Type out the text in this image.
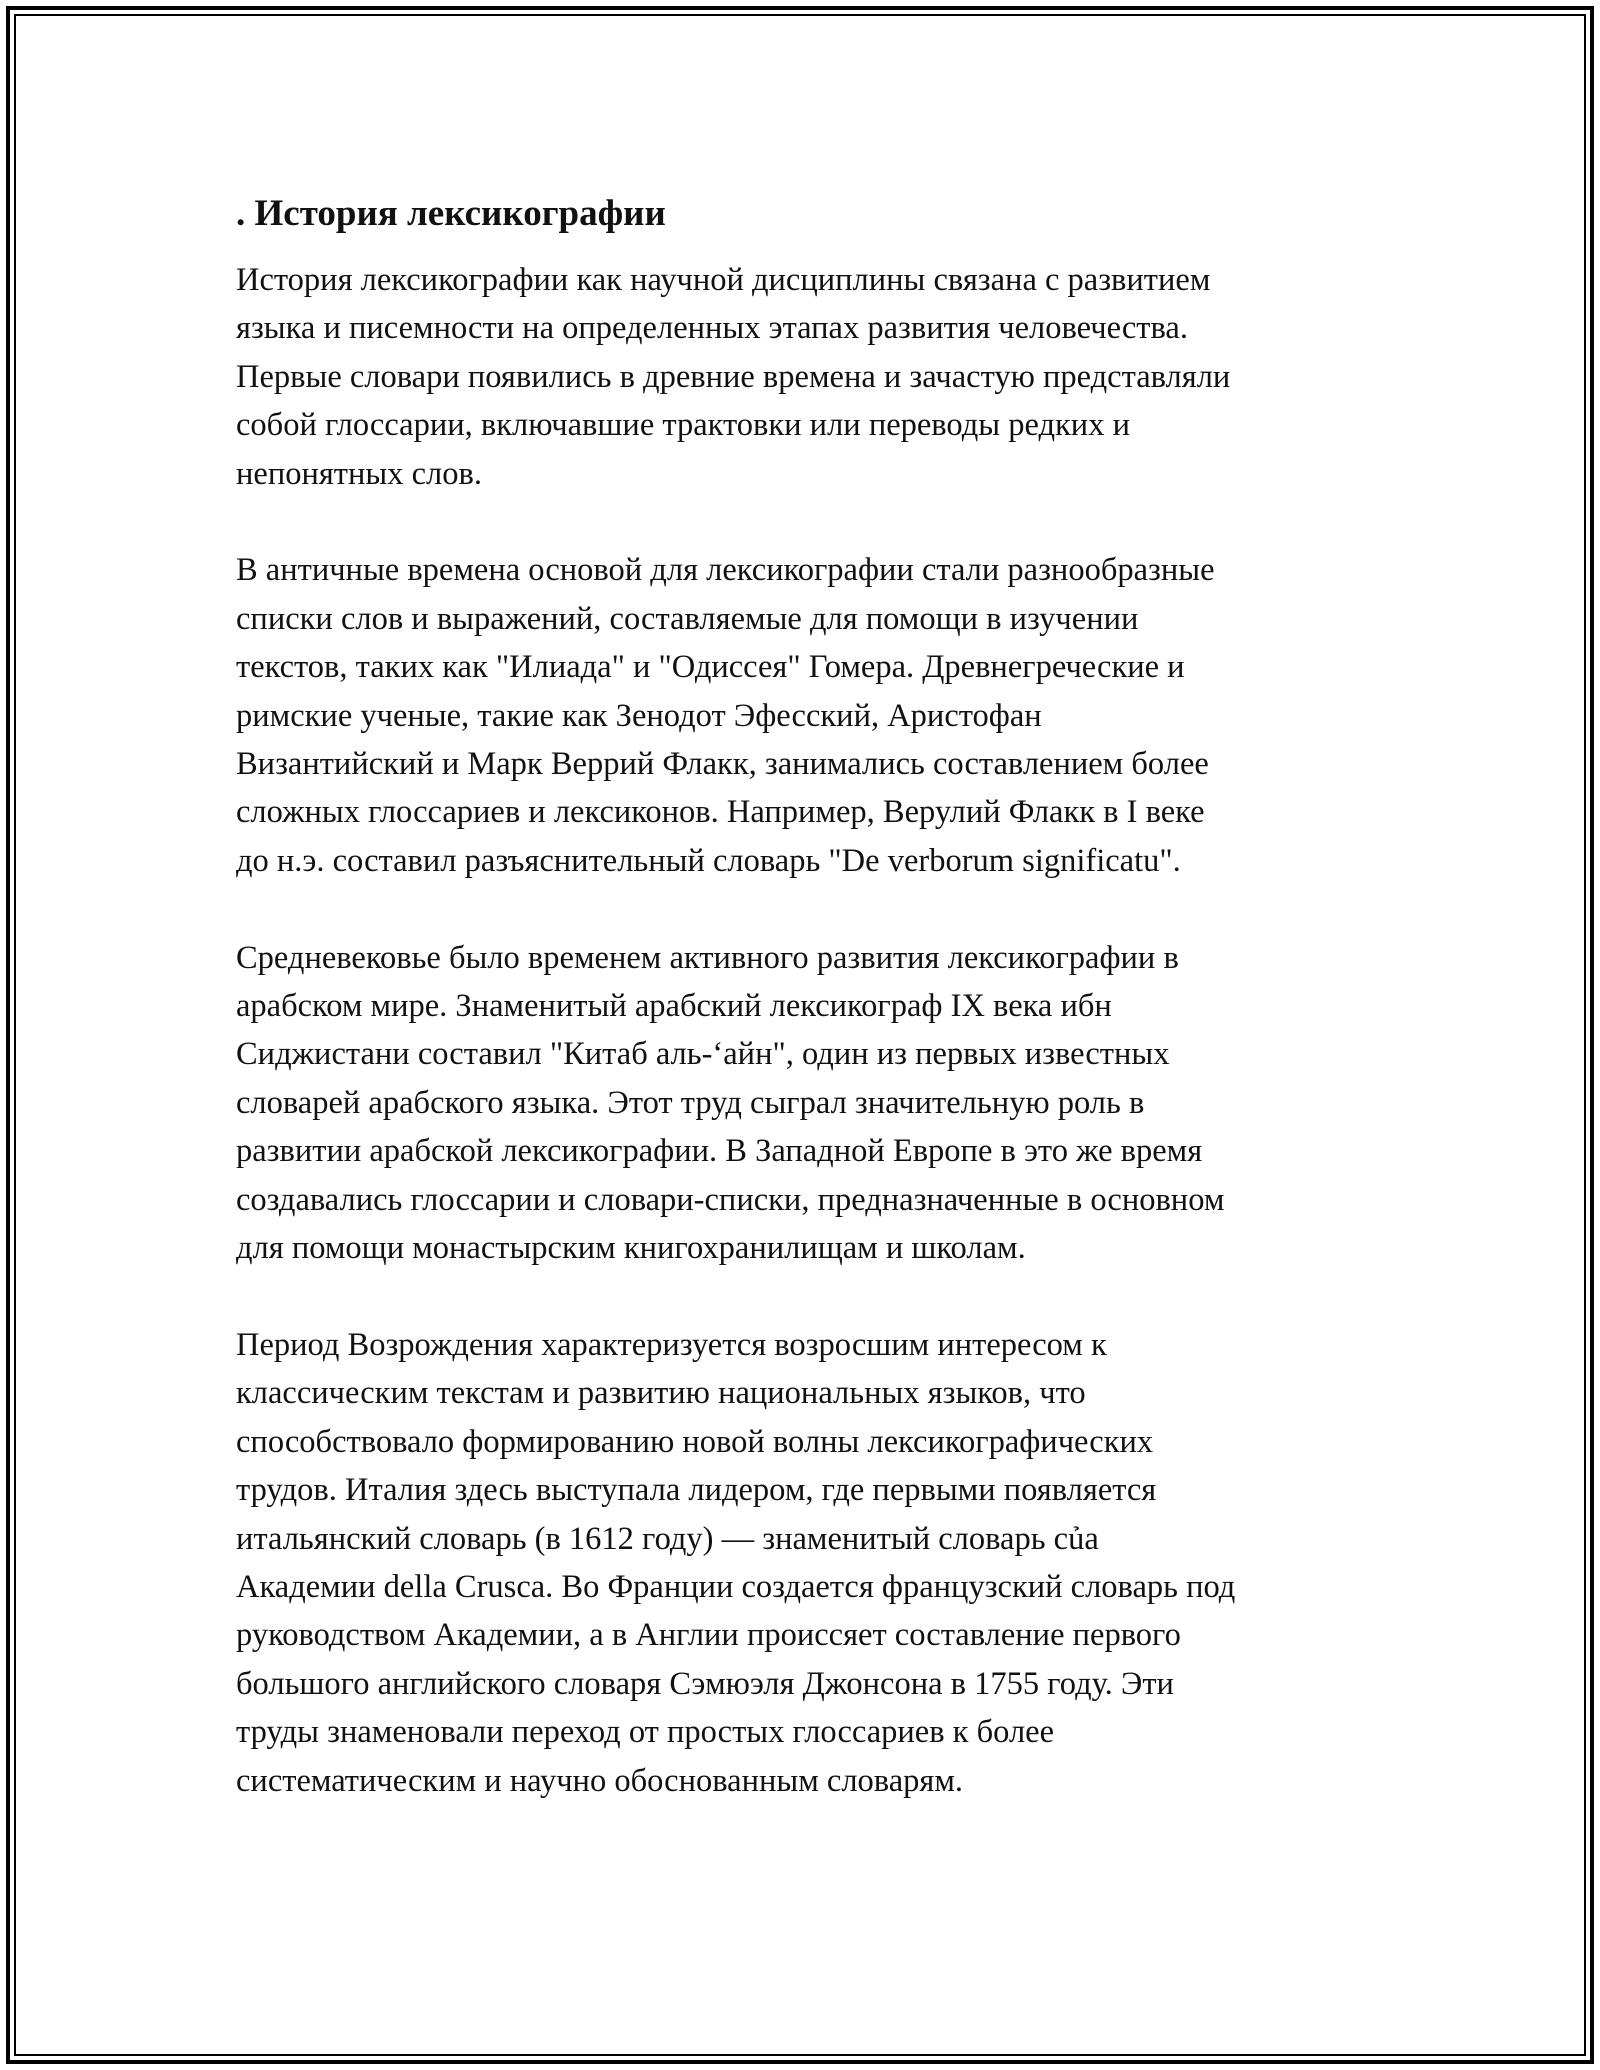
. История лексикографии

История лексикографии как научной дисциплины связана с развитием
языка и писемности на определенных этапах развития человечества.
Первые словари появились в древние времена и зачастую представляли
собой глоссарии, включавшие трактовки или переводы редких и
непонятных слов.

В античные времена основой для лексикографии стали разнообразные
списки слов и выражений, составляемые для помощи в изучении
текстов, таких как "Илиада" и "Одиссея" Гомера. Древнегреческие и
римские ученые, такие как Зенодот Эфесский, Аристофан
Византийский и Марк Веррий Флакк, занимались составлением более
сложных глоссариев и лексиконов. Например, Верулий Флакк в I веке
до н.э. составил разъяснительный словарь "De verborum significatu".

Средневековье было временем активного развития лексикографии в
арабском мире. Знаменитый арабский лексикограф IX века ибн
Сиджистани составил "Китаб аль-‘айн", один из первых известных
словарей арабского языка. Этот труд сыграл значительную роль в
развитии арабской лексикографии. В Западной Европе в это же время
создавались глоссарии и словари-списки, предназначенные в основном
для помощи монастырским книгохранилищам и школам.

Период Возрождения характеризуется возросшим интересом к
классическим текстам и развитию национальных языков, что
способствовало формированию новой волны лексикографических
трудов. Италия здесь выступала лидером, где первыми появляется
итальянский словарь (в 1612 году) — знаменитый словарь của
Академии della Crusca. Во Франции создается французский словарь под
руководством Академии, а в Англии происсяет составление первого
большого английского словаря Сэмюэля Джонсона в 1755 году. Эти
труды знаменовали переход от простых глоссариев к более
систематическим и научно обоснованным словарям.
